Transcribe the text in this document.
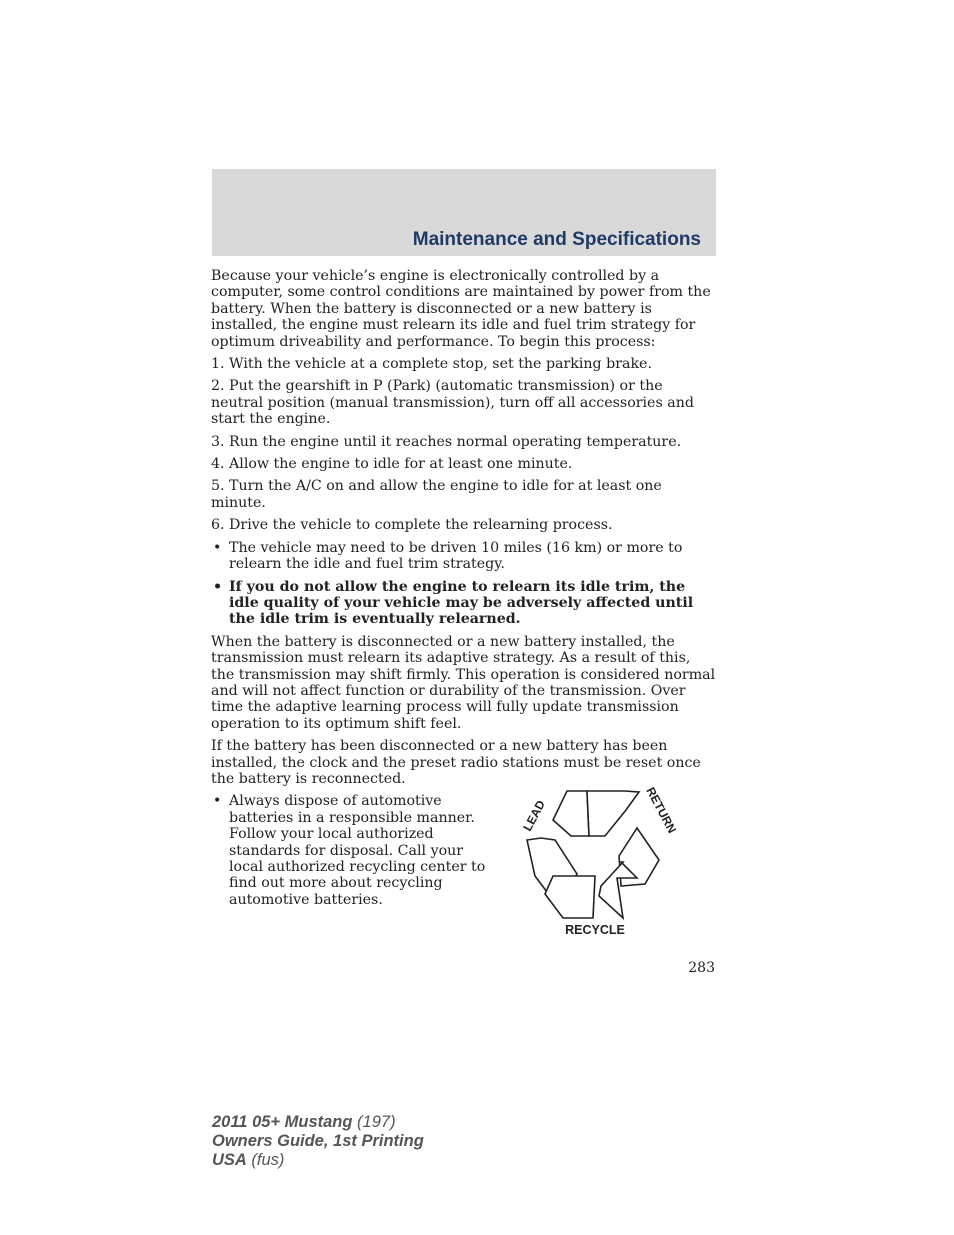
Maintenance and Specifications

Because your vehicle’s engine is electronically controlled by a computer, some control conditions are maintained by power from the battery. When the battery is disconnected or a new battery is installed, the engine must relearn its idle and fuel trim strategy for optimum driveability and performance. To begin this process:

1. With the vehicle at a complete stop, set the parking brake.

2. Put the gearshift in P (Park) (automatic transmission) or the neutral position (manual transmission), turn off all accessories and start the engine.

3. Run the engine until it reaches normal operating temperature.

4. Allow the engine to idle for at least one minute.

5. Turn the A/C on and allow the engine to idle for at least one minute.

6. Drive the vehicle to complete the relearning process.

• The vehicle may need to be driven 10 miles (16 km) or more to relearn the idle and fuel trim strategy.
• If you do not allow the engine to relearn its idle trim, the idle quality of your vehicle may be adversely affected until the idle trim is eventually relearned.

When the battery is disconnected or a new battery installed, the transmission must relearn its adaptive strategy. As a result of this, the transmission may shift firmly. This operation is considered normal and will not affect function or durability of the transmission. Over time the adaptive learning process will fully update transmission operation to its optimum shift feel.

If the battery has been disconnected or a new battery has been installed, the clock and the preset radio stations must be reset once the battery is reconnected.

• Always dispose of automotive batteries in a responsible manner. Follow your local authorized standards for disposal. Call your local authorized recycling center to find out more about recycling automotive batteries.
LEAD	RETURN
RECYCLE
283
2011 05+ Mustang (197)
Owners Guide, 1st Printing
USA (fus)
